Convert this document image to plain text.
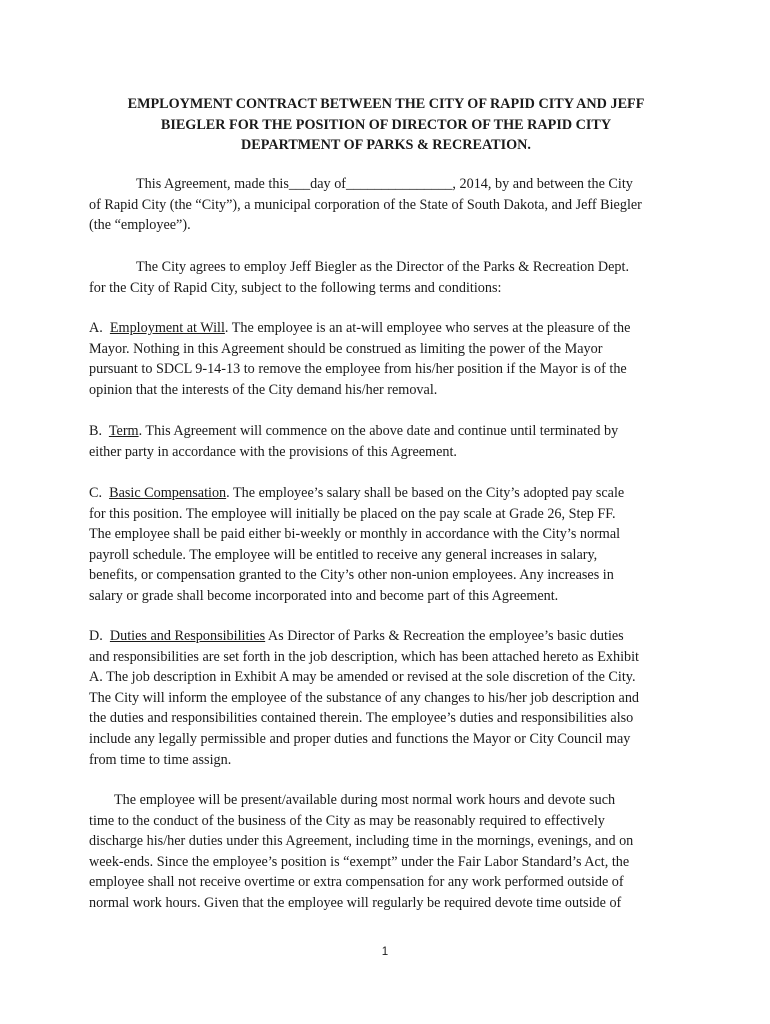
EMPLOYMENT CONTRACT BETWEEN THE CITY OF RAPID CITY AND JEFF
BIEGLER FOR THE POSITION OF DIRECTOR OF THE RAPID CITY
DEPARTMENT OF PARKS & RECREATION.

This Agreement, made this___day of_______________, 2014, by and between the City
of Rapid City (the “City”), a municipal corporation of the State of South Dakota, and Jeff Biegler
(the “employee”).

The City agrees to employ Jeff Biegler as the Director of the Parks & Recreation Dept.
for the City of Rapid City, subject to the following terms and conditions:

A. Employment at Will. The employee is an at-will employee who serves at the pleasure of the
Mayor. Nothing in this Agreement should be construed as limiting the power of the Mayor
pursuant to SDCL 9-14-13 to remove the employee from his/her position if the Mayor is of the
opinion that the interests of the City demand his/her removal.

B. Term. This Agreement will commence on the above date and continue until terminated by
either party in accordance with the provisions of this Agreement.

C. Basic Compensation. The employee’s salary shall be based on the City’s adopted pay scale
for this position. The employee will initially be placed on the pay scale at Grade 26, Step FF.
The employee shall be paid either bi-weekly or monthly in accordance with the City’s normal
payroll schedule. The employee will be entitled to receive any general increases in salary,
benefits, or compensation granted to the City’s other non-union employees. Any increases in
salary or grade shall become incorporated into and become part of this Agreement.

D. Duties and Responsibilities As Director of Parks & Recreation the employee’s basic duties
and responsibilities are set forth in the job description, which has been attached hereto as Exhibit
A. The job description in Exhibit A may be amended or revised at the sole discretion of the City.
The City will inform the employee of the substance of any changes to his/her job description and
the duties and responsibilities contained therein. The employee’s duties and responsibilities also
include any legally permissible and proper duties and functions the Mayor or City Council may
from time to time assign.

The employee will be present/available during most normal work hours and devote such
time to the conduct of the business of the City as may be reasonably required to effectively
discharge his/her duties under this Agreement, including time in the mornings, evenings, and on
week-ends. Since the employee’s position is “exempt” under the Fair Labor Standard’s Act, the
employee shall not receive overtime or extra compensation for any work performed outside of
normal work hours. Given that the employee will regularly be required devote time outside of

1
